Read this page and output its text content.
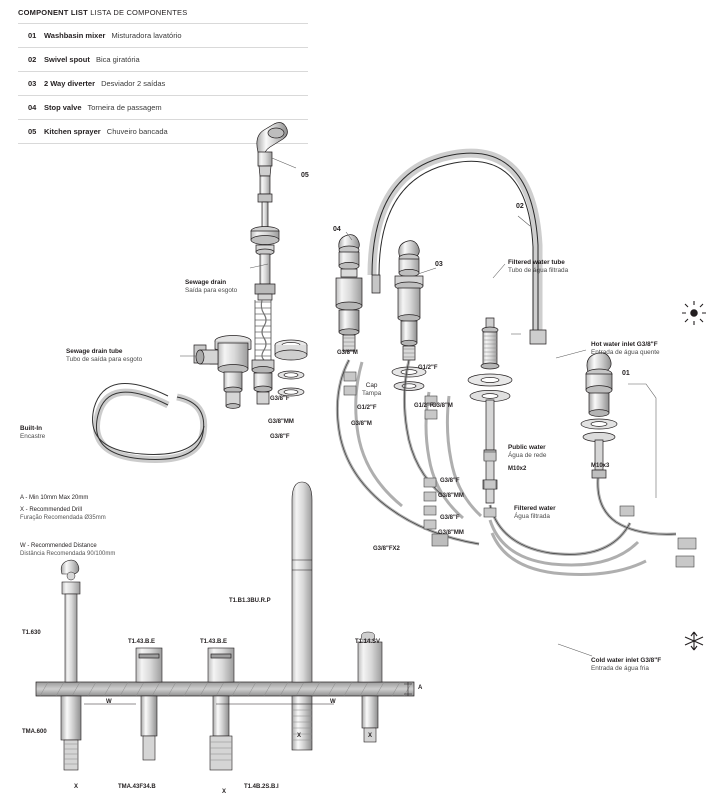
COMPONENT LIST LISTA DE COMPONENTES
01	Washbasin mixer Misturadora lavatório
02	Swivel spout Bica giratória
03	2 Way diverter Desviador 2 saídas
04	Stop valve Torneira de passagem
05	Kitchen sprayer Chuveiro bancada
05
04
03
02
01
Sewage drain
Saída para esgoto
Sewage drain tube
Tubo de saída para esgoto
Filtered water tube
Tubo de água filtrada
Hot water inlet G3/8"F
Entrada de água quente
Cold water inlet G3/8"F
Entrada de água fria
Public water
Água de rede
Filtered water
Água filtrada
Built-In
Encastre
Cap
Tampa
A - Min 10mm Max 20mm
X - Recommended Drill
Furação Recomendada Ø35mm
W - Recommended Distance
Distância Recomendada 90/100mm
G3/8"M
G1/2"F
G1/2"F
G1/2"F
G3/8"F
G3/8"MM
G3/8"F
G3/8"M
G3/8"M
G3/8"F
G3/8"MM
G3/8"F
G3/8"MM
G3/8"FX2
M10x2	M10x3
T1.630
T1.43.B.E	T1.43.B.E
T1.B1.3BU.R.P
T1.14.SV
TMA.600
TMA.43F34.B	T1.4B.2S.B.I
A
W	W
X
X
X	X
